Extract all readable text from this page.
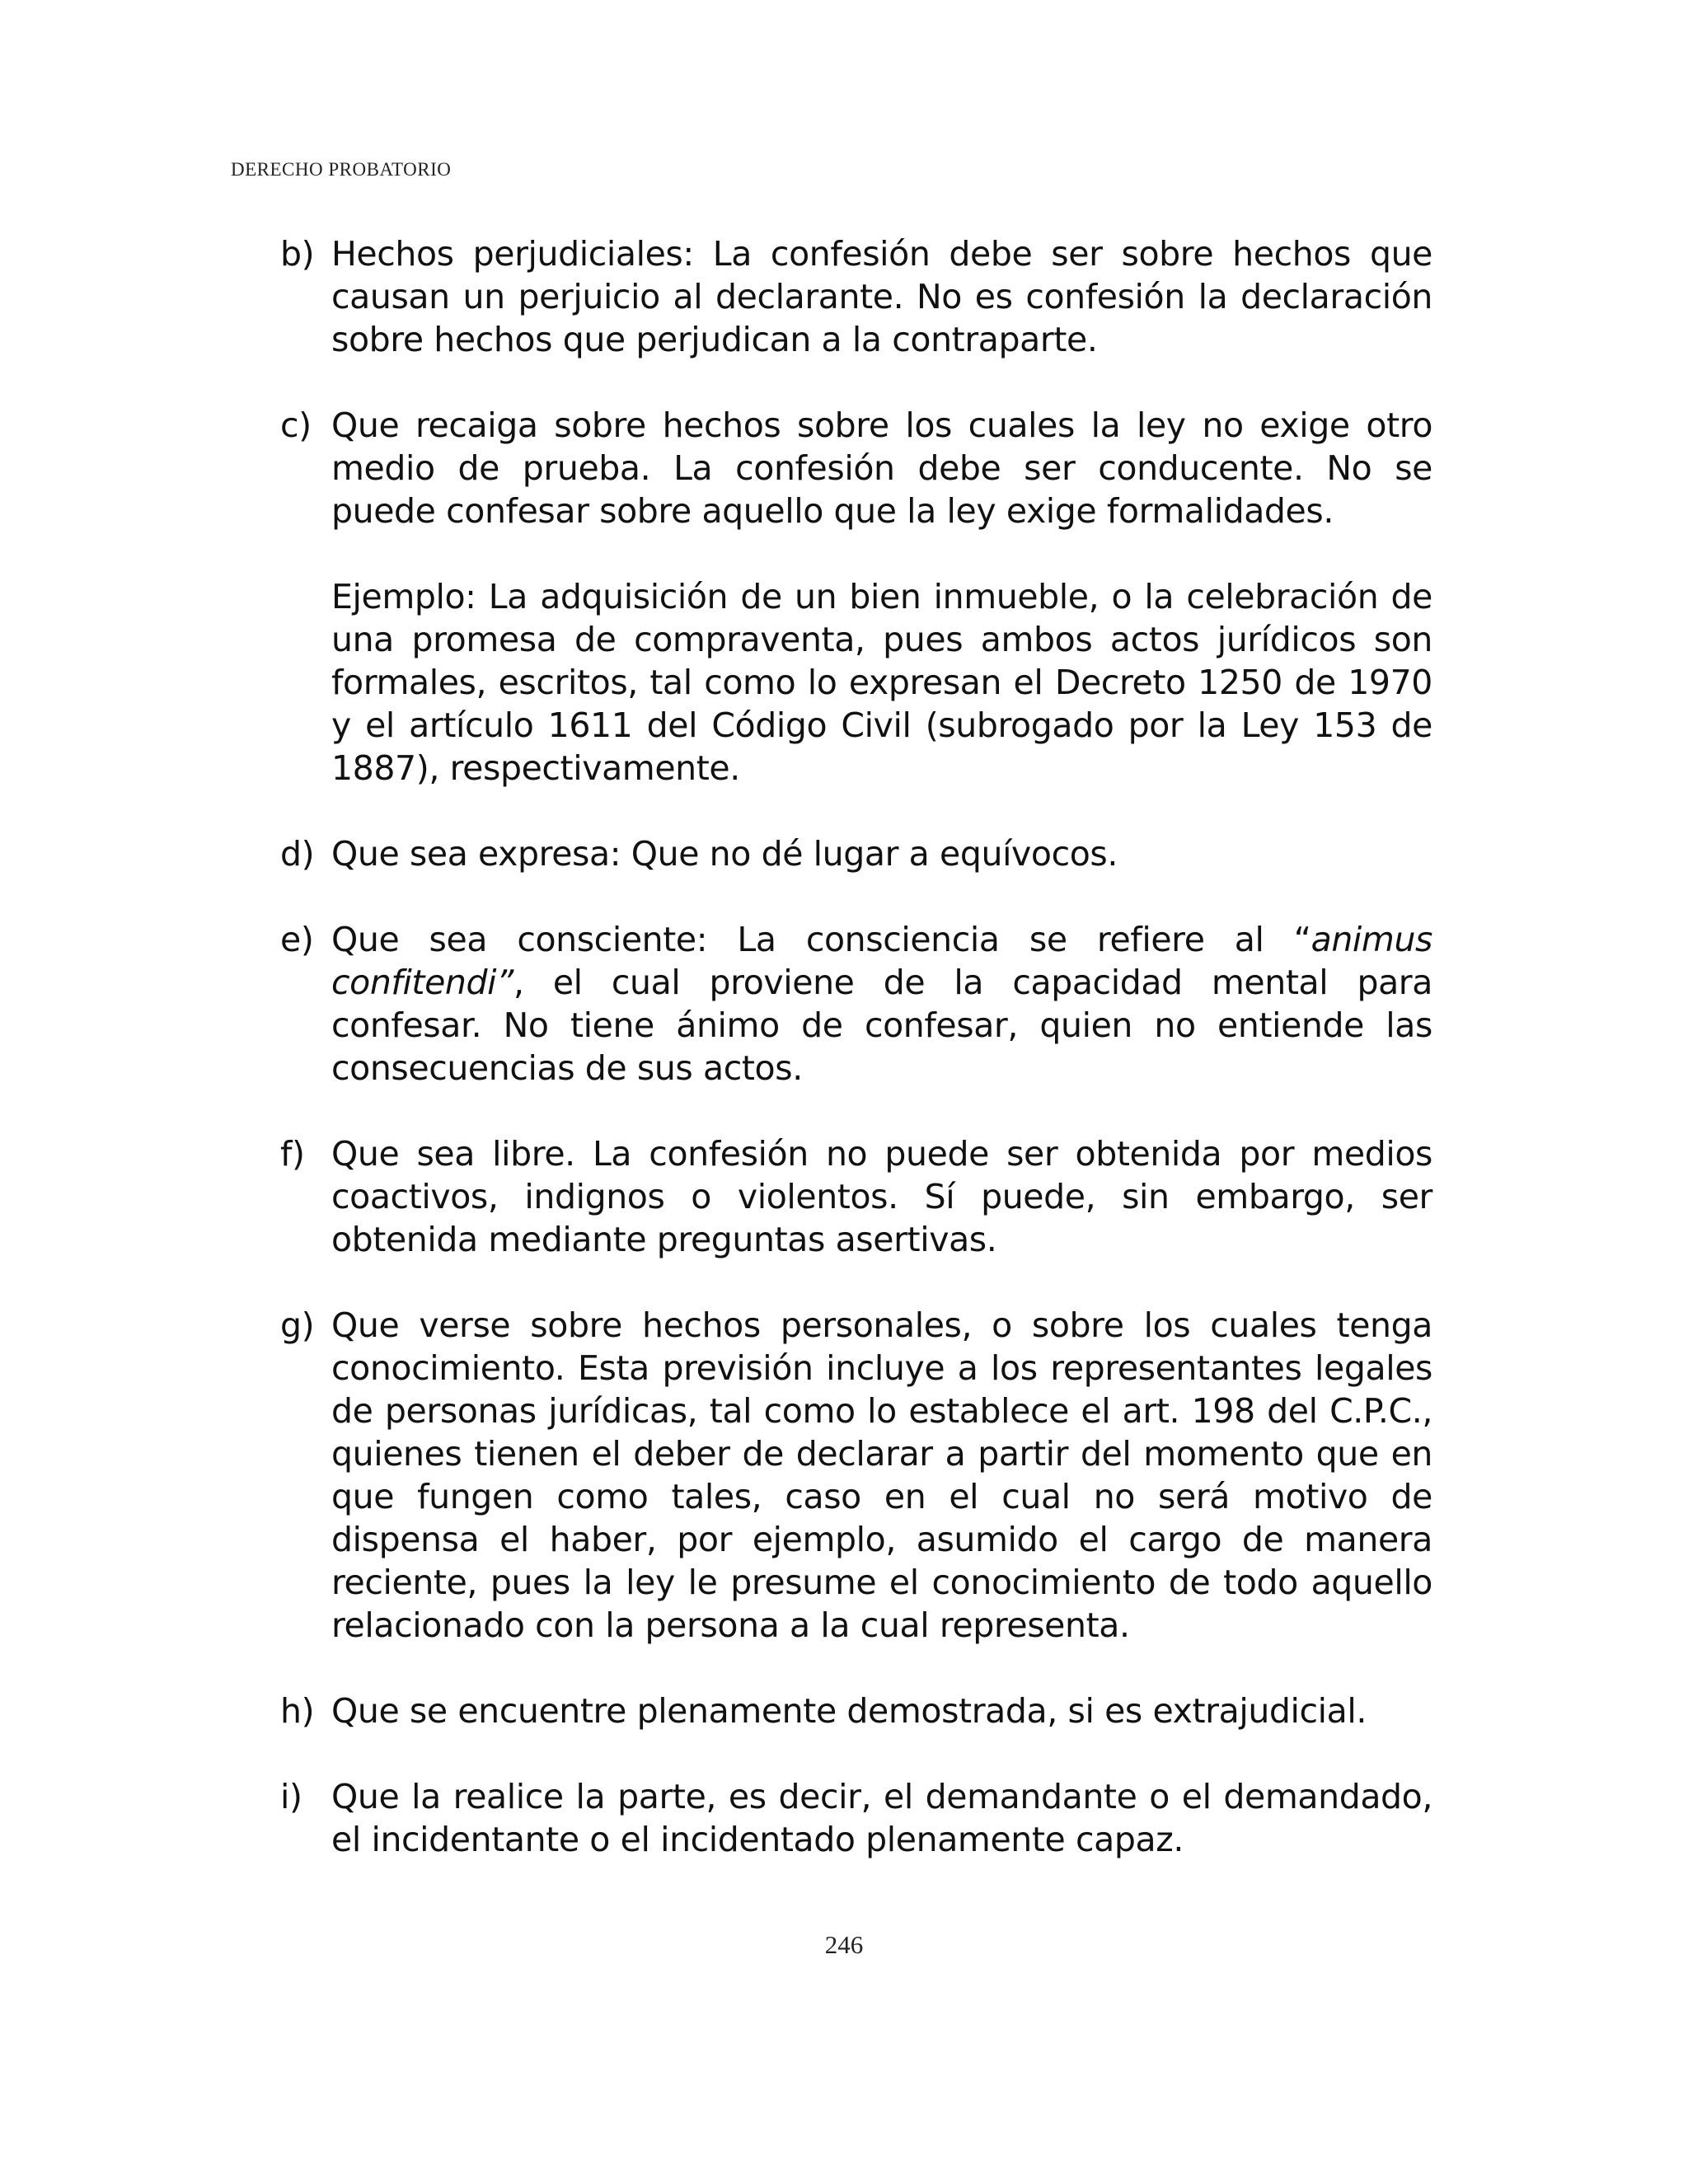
DERECHO PROBATORIO
b) Hechos perjudiciales: La confesión debe ser sobre hechos que causan un perjuicio al declarante. No es confesión la declaración sobre hechos que perjudican a la contraparte.
c) Que recaiga sobre hechos sobre los cuales la ley no exige otro medio de prueba. La confesión debe ser conducente. No se puede confesar sobre aquello que la ley exige formalidades.
Ejemplo: La adquisición de un bien inmueble, o la celebración de una promesa de compraventa, pues ambos actos jurídicos son formales, escritos, tal como lo expresan el Decreto 1250 de 1970 y el artículo 1611 del Código Civil (subrogado por la Ley 153 de 1887), respectivamente.
d) Que sea expresa: Que no dé lugar a equívocos.
e) Que sea consciente: La consciencia se refiere al “animus confitendi”, el cual proviene de la capacidad mental para confesar. No tiene ánimo de confesar, quien no entiende las consecuencias de sus actos.
f) Que sea libre. La confesión no puede ser obtenida por medios coactivos, indignos o violentos. Sí puede, sin embargo, ser obtenida mediante preguntas asertivas.
g) Que verse sobre hechos personales, o sobre los cuales tenga conocimiento. Esta previsión incluye a los representantes legales de personas jurídicas, tal como lo establece el art. 198 del C.P.C., quienes tienen el deber de declarar a partir del momento que en que fungen como tales, caso en el cual no será motivo de dispensa el haber, por ejemplo, asumido el cargo de manera reciente, pues la ley le presume el conocimiento de todo aquello relacionado con la persona a la cual representa.
h) Que se encuentre plenamente demostrada, si es extrajudicial.
i) Que la realice la parte, es decir, el demandante o el demandado, el incidentante o el incidentado plenamente capaz.
246
